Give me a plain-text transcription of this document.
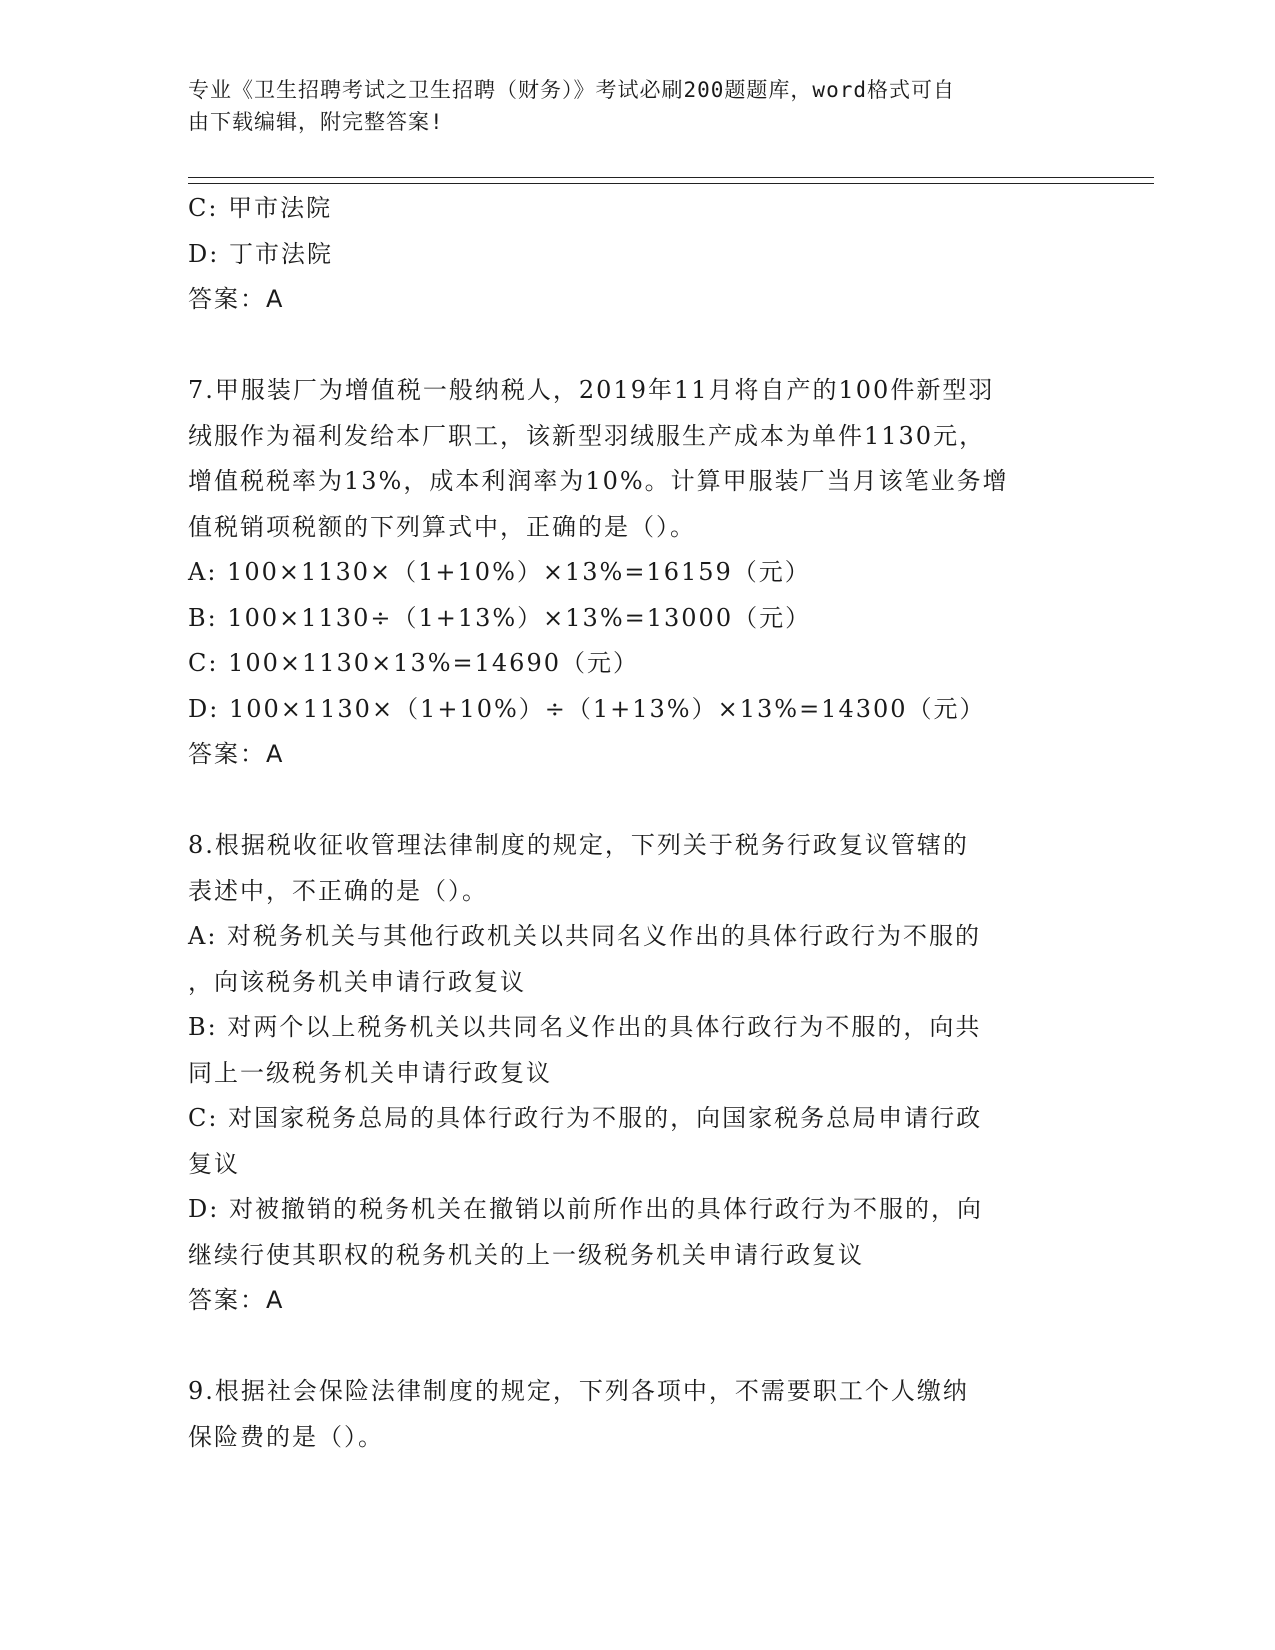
专业《卫生招聘考试之卫生招聘（财务）》考试必刷200题题库，word格式可自
由下载编辑，附完整答案!
C: 甲市法院
D: 丁市法院
答案：A
7.甲服装厂为增值税一般纳税人，2019年11月将自产的100件新型羽
绒服作为福利发给本厂职工，该新型羽绒服生产成本为单件1130元，
增值税税率为13%，成本利润率为10%。计算甲服装厂当月该笔业务增
值税销项税额的下列算式中，正确的是（）。
A: 100×1130×（1+10%）×13%=16159（元）
B: 100×1130÷（1+13%）×13%=13000（元）
C: 100×1130×13%=14690（元）
D: 100×1130×（1+10%）÷（1+13%）×13%=14300（元）
答案：A
8.根据税收征收管理法律制度的规定，下列关于税务行政复议管辖的
表述中，不正确的是（）。
A: 对税务机关与其他行政机关以共同名义作出的具体行政行为不服的
，向该税务机关申请行政复议
B: 对两个以上税务机关以共同名义作出的具体行政行为不服的，向共
同上一级税务机关申请行政复议
C: 对国家税务总局的具体行政行为不服的，向国家税务总局申请行政
复议
D: 对被撤销的税务机关在撤销以前所作出的具体行政行为不服的，向
继续行使其职权的税务机关的上一级税务机关申请行政复议
答案：A
9.根据社会保险法律制度的规定，下列各项中，不需要职工个人缴纳
保险费的是（）。
